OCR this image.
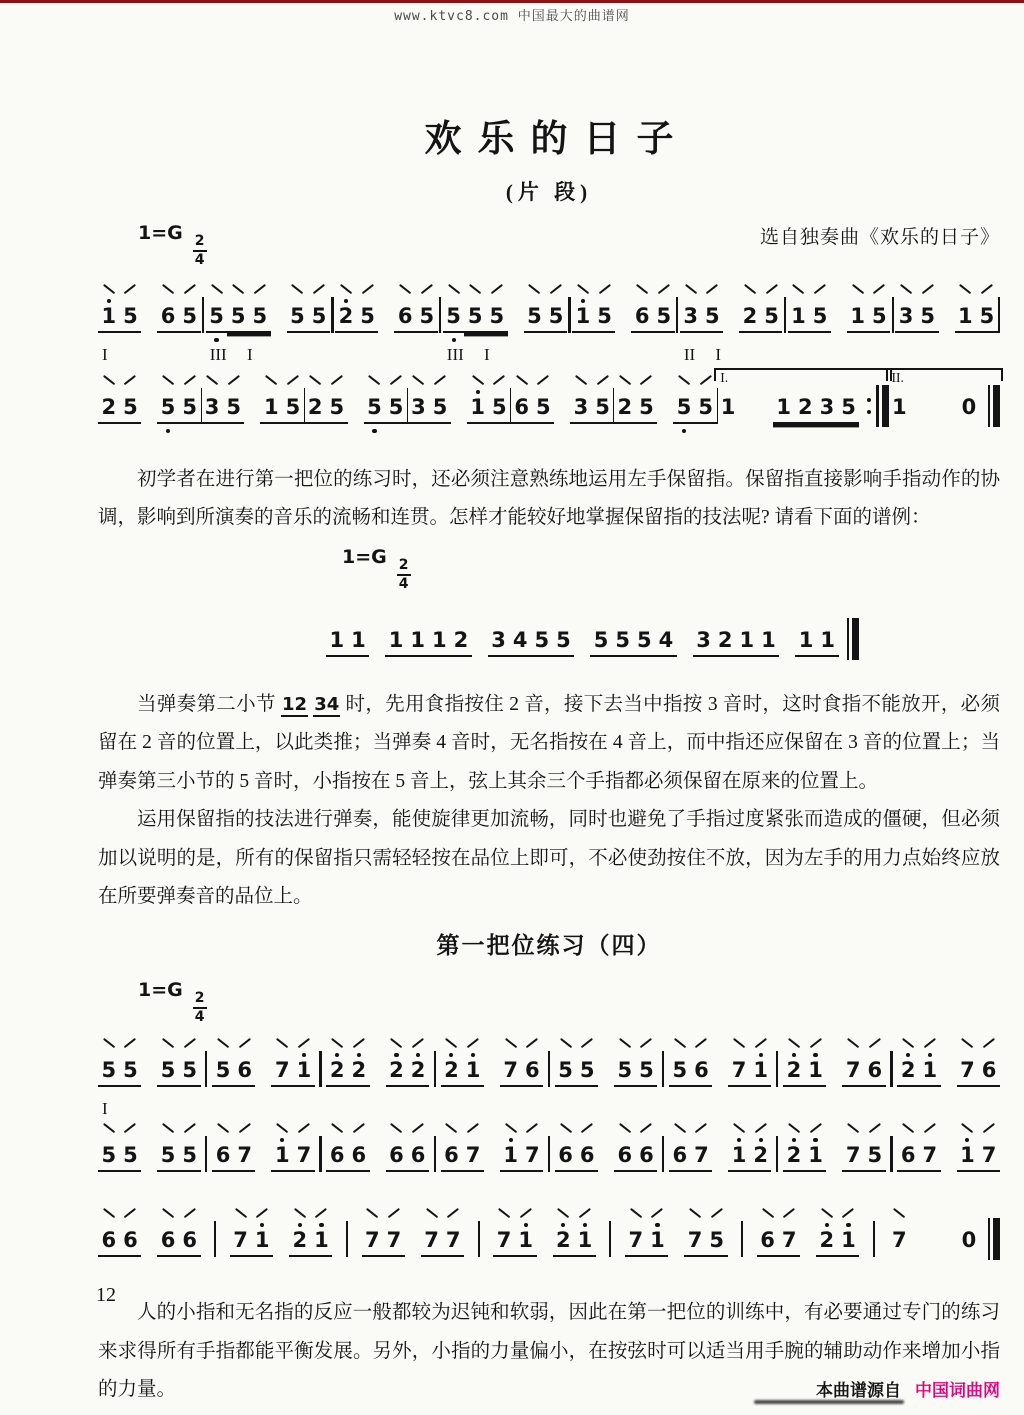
www.ktvc8.com 中国最大的曲谱网
欢乐的日子
(片 段)
1=G
$\frac{2}{4}$	选自独奏曲《欢乐的日子》
1 5 6 5
I
5 5 5 5 5
III I
2 5 6 5 5 5 5 5 5
III I
1 5 6 5 3 5 2 5
II I
1 5 1 5 3 5 1 5
2 5 5 5 3 5 1 5 2 5 5 5 3 5 1 5 6 5 3 5 2 5 5 5
I.
1 1 2 3 5
II.
1	0

初学者在进行第一把位的练习时，还必须注意熟练地运用左手保留指。保留指直接影响手指动作的协调，影响到所演奏的音乐的流畅和连贯。怎样才能较好地掌握保留指的技法呢? 请看下面的谱例：

1=G
$\frac{2}{4}$
1 1 1 1 1 2 3 4 5 5 5 5 5 4 3 2 1 1 1 1

当弹奏第二小节 12 34 时，先用食指按住 2 音，接下去当中指按 3 音时，这时食指不能放开，必须留在 2 音的位置上，以此类推；当弹奏 4 音时，无名指按在 4 音上，而中指还应保留在 3 音的位置上；当弹奏第三小节的 5 音时，小指按在 5 音上，弦上其余三个手指都必须保留在原来的位置上。

运用保留指的技法进行弹奏，能使旋律更加流畅，同时也避免了手指过度紧张而造成的僵硬，但必须加以说明的是，所有的保留指只需轻轻按在品位上即可，不必使劲按住不放，因为左手的用力点始终应放在所要弹奏音的品位上。

第一把位练习（四）
1=G
$\frac{2}{4}$
5 5 5 5
I
5 6 7 1 2 2 2 2 2 1 7 6 5 5 5 5 5 6 7 1 2 1 7 6 2 1 7 6
5 5 5 5 6 7 1 7 6 6 6 6 6 7 1 7 6 6 6 6 6 7 1 2 2 1 7 5 6 7 1 7
6 6 6 6 7 1 2 1 7 7 7 7 7 1 2 1 7 1 7 5 6 7 2 1 7	0

人的小指和无名指的反应一般都较为迟钝和软弱，因此在第一把位的训练中，有必要通过专门的练习来求得所有手指都能平衡发展。另外，小指的力量偏小，在按弦时可以适当用手腕的辅助动作来增加小指的力量。

12
本曲谱源自 中国词曲网
